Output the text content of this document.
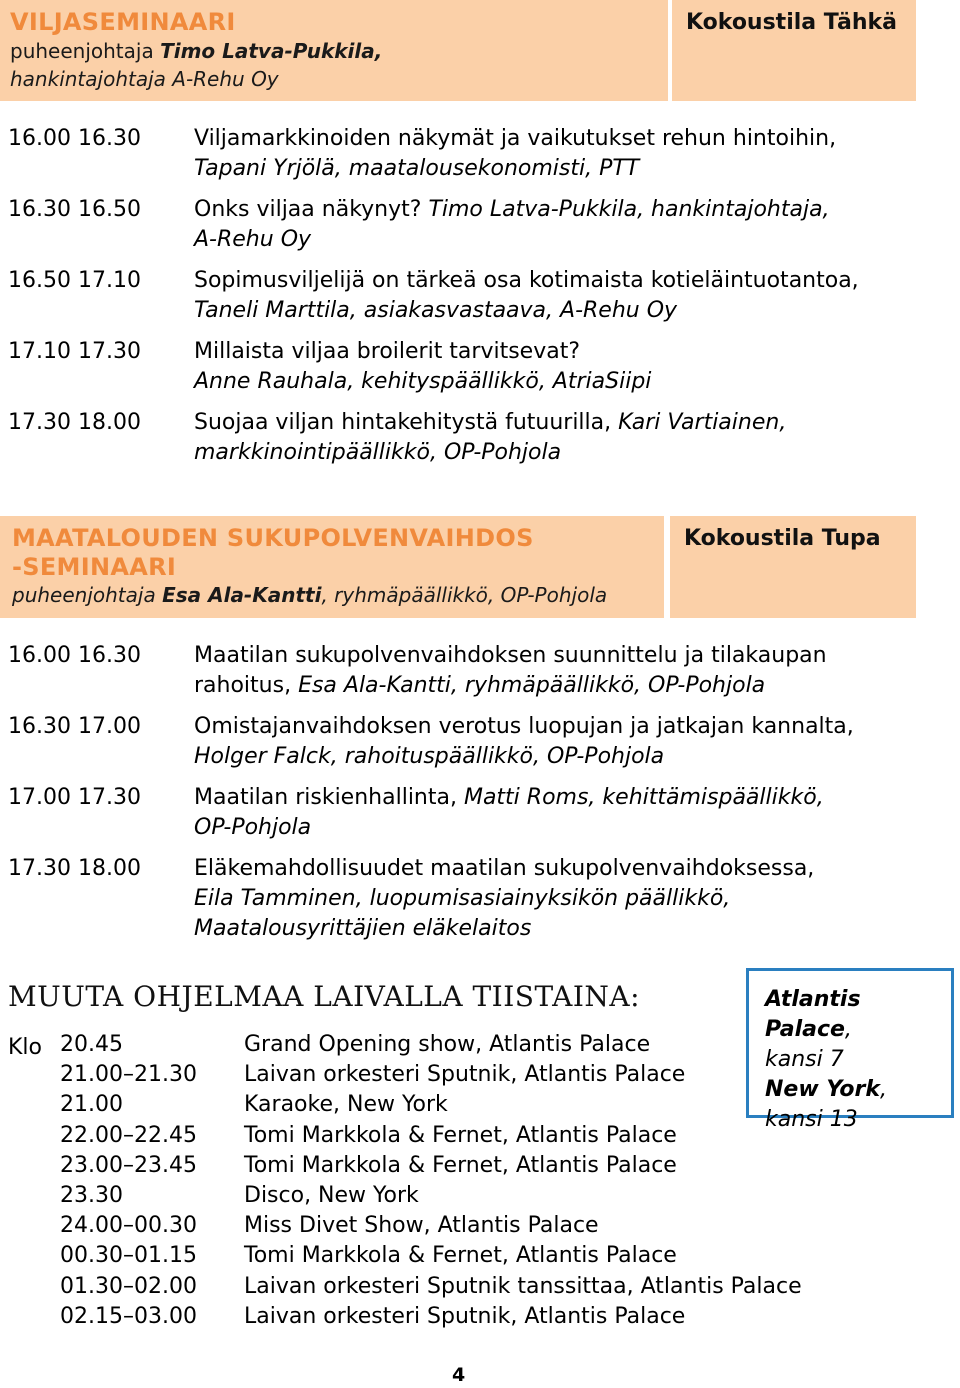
VILJASEMINAARI
puheenjohtaja Timo Latva-Pukkila,
hankintajohtaja A-Rehu Oy
Kokoustila Tähkä
16.00 16.30	Viljamarkkinoiden näkymät ja vaikutukset rehun hintoihin,
Tapani Yrjölä, maatalousekonomisti, PTT
16.30 16.50	Onks viljaa näkynyt? Timo Latva-Pukkila, hankintajohtaja,
A-Rehu Oy
16.50 17.10	Sopimusviljelijä on tärkeä osa kotimaista kotieläintuotantoa,
Taneli Marttila, asiakasvastaava, A-Rehu Oy
17.10 17.30	Millaista viljaa broilerit tarvitsevat?
Anne Rauhala, kehityspäällikkö, AtriaSiipi
17.30 18.00	Suojaa viljan hintakehitystä futuurilla, Kari Vartiainen,
markkinointipäällikkö, OP-Pohjola
MAATALOUDEN SUKUPOLVENVAIHDOS
-SEMINAARI
puheenjohtaja Esa Ala-Kantti, ryhmäpäällikkö, OP-Pohjola
Kokoustila Tupa
16.00 16.30	Maatilan sukupolvenvaihdoksen suunnittelu ja tilakaupan
rahoitus, Esa Ala-Kantti, ryhmäpäällikkö, OP-Pohjola
16.30 17.00	Omistajanvaihdoksen verotus luopujan ja jatkajan kannalta,
Holger Falck, rahoituspäällikkö, OP-Pohjola
17.00 17.30	Maatilan riskienhallinta, Matti Roms, kehittämispäällikkö,
OP-Pohjola
17.30 18.00	Eläkemahdollisuudet maatilan sukupolvenvaihdoksessa,
Eila Tamminen, luopumisasiainyksikön päällikkö,
Maatalousyrittäjien eläkelaitos
MUUTA OHJELMAA LAIVALLA TIISTAINA:
Klo 20.45	Grand Opening show, Atlantis Palace
21.00–21.30	Laivan orkesteri Sputnik, Atlantis Palace
21.00	Karaoke, New York
22.00–22.45	Tomi Markkola & Fernet, Atlantis Palace
23.00–23.45	Tomi Markkola & Fernet, Atlantis Palace
23.30	Disco, New York
24.00–00.30	Miss Divet Show, Atlantis Palace
00.30–01.15	Tomi Markkola & Fernet, Atlantis Palace
01.30–02.00	Laivan orkesteri Sputnik tanssittaa, Atlantis Palace
02.15–03.00	Laivan orkesteri Sputnik, Atlantis Palace
Atlantis Palace,
kansi 7
New York,
kansi 13
4
